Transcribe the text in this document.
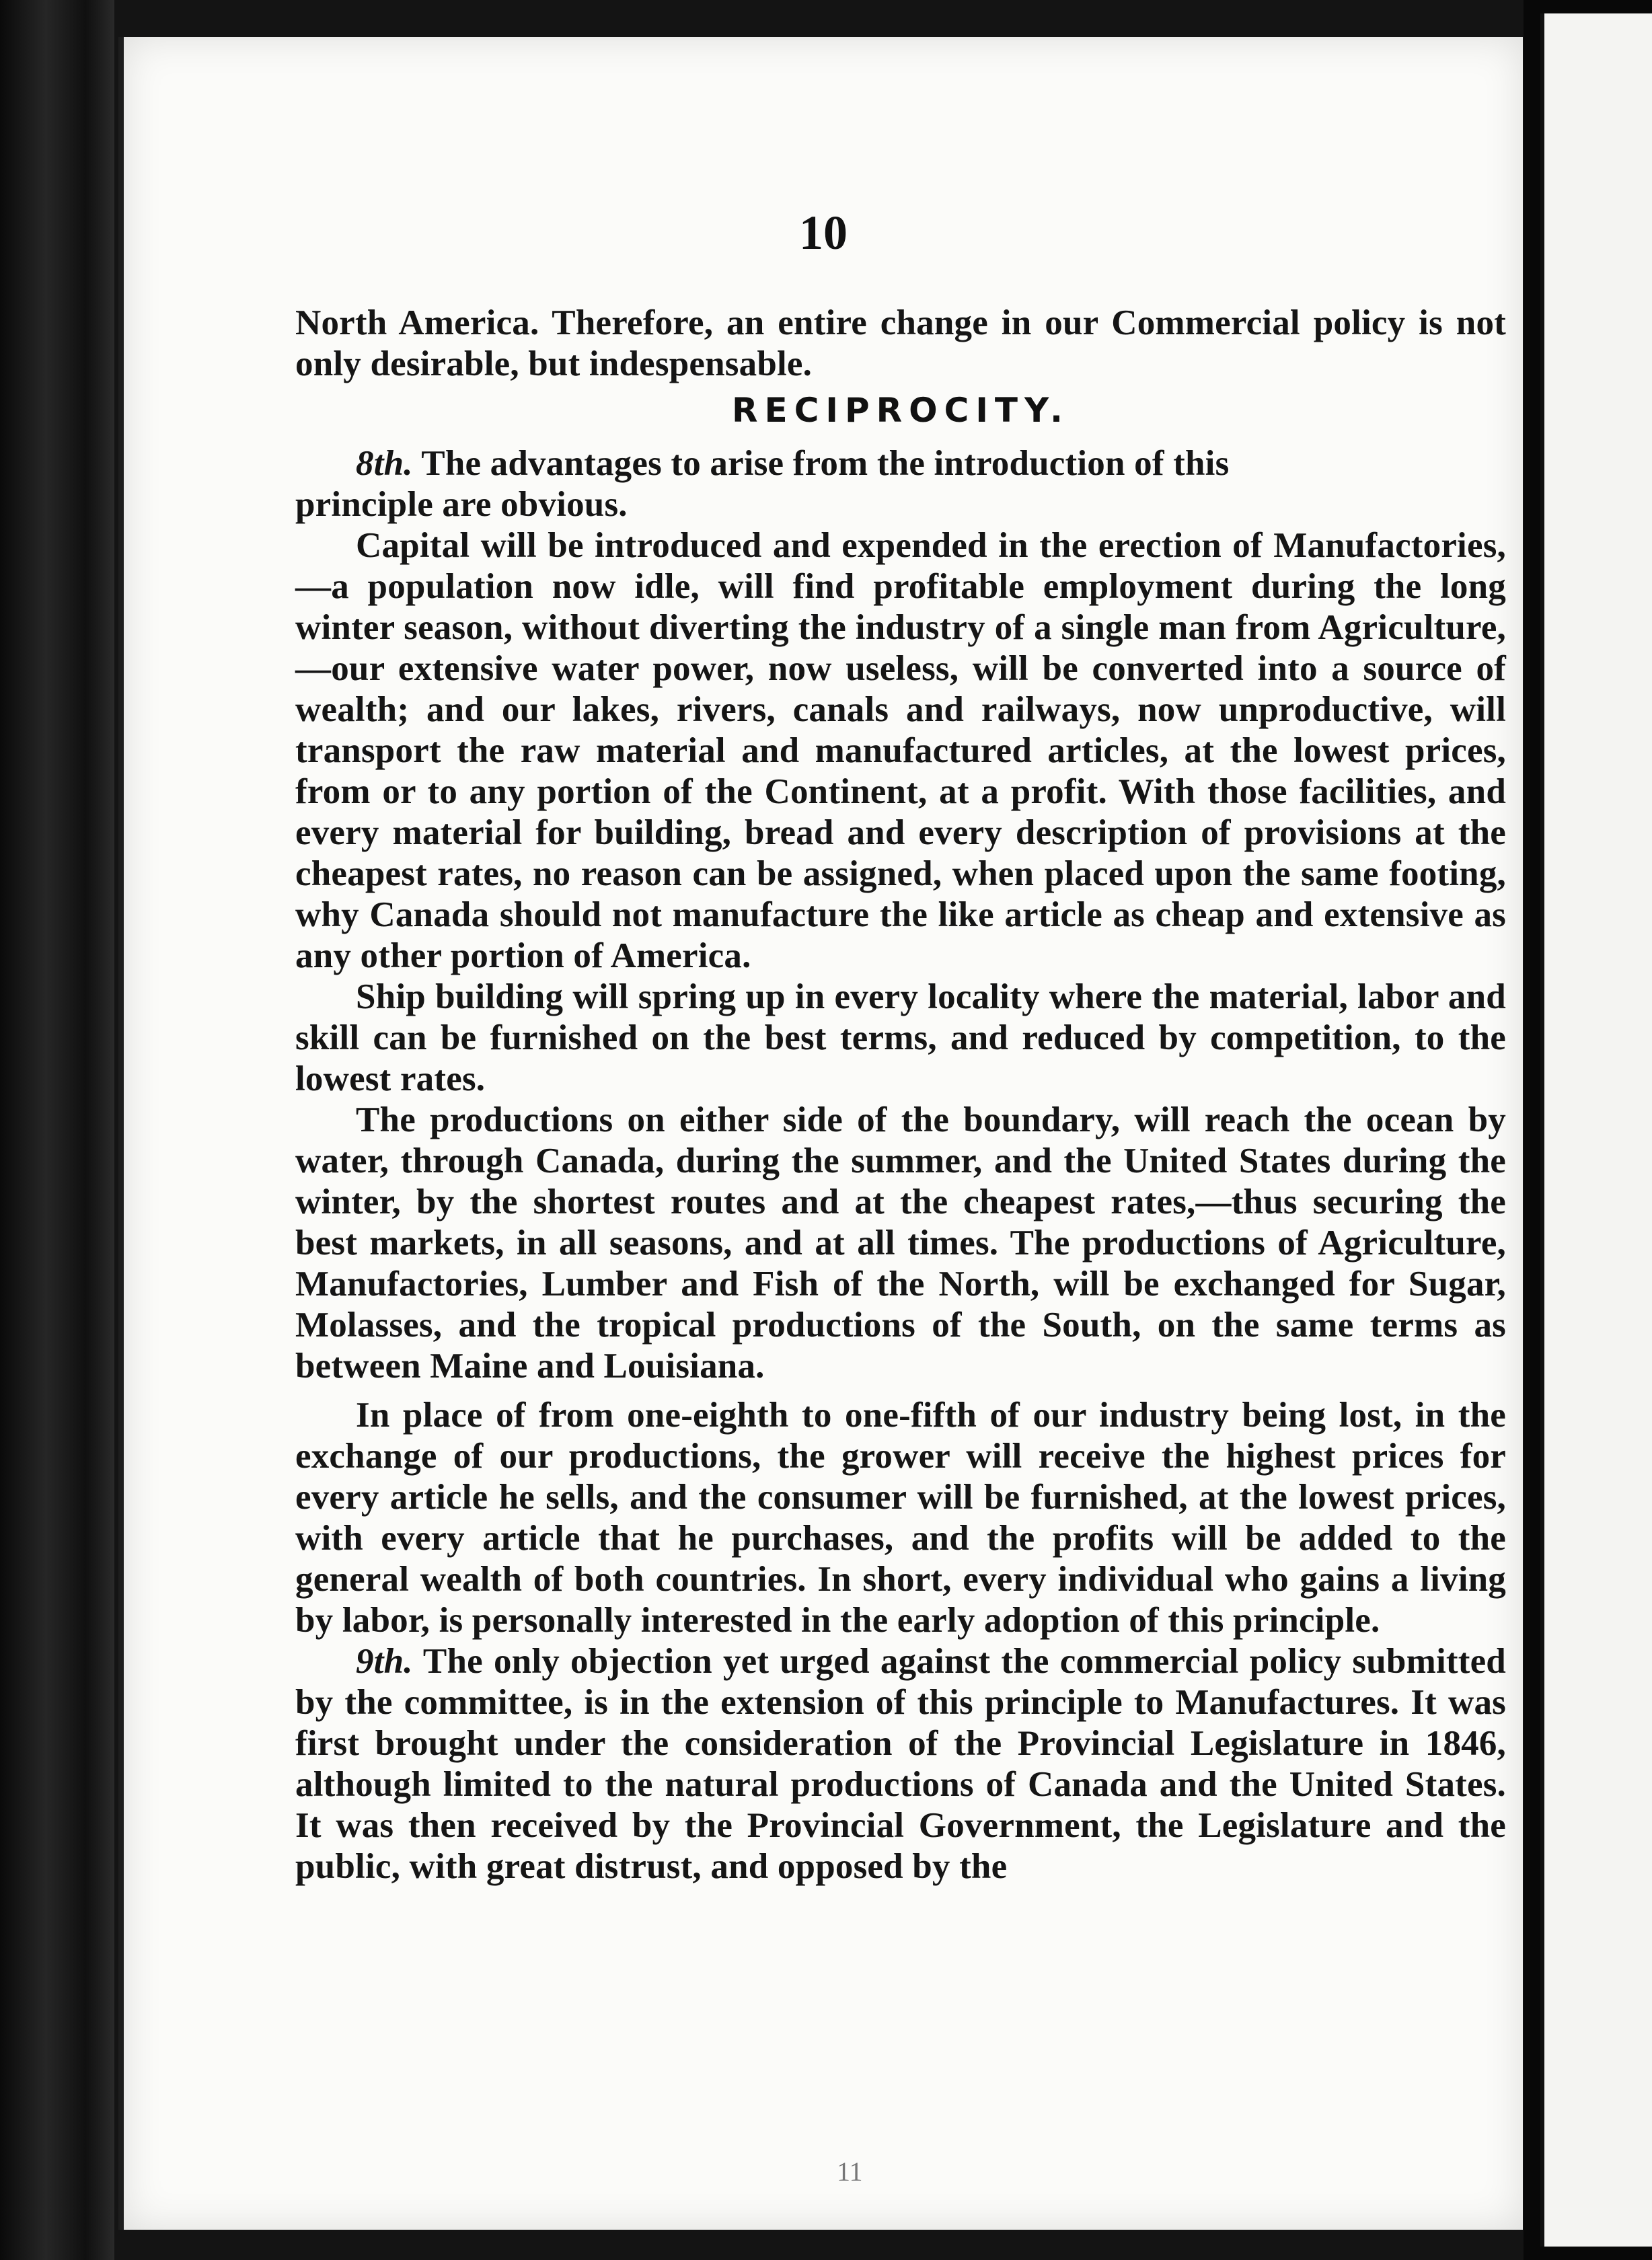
10

North America. Therefore, an entire change in our Commercial policy is not only desirable, but indespensable.

RECIPROCITY.

8th. The advantages to arise from the introduction of this

principle are obvious.

Capital will be introduced and expended in the erection of Manufactories,—a population now idle, will find profitable employment during the long winter season, without diverting the industry of a single man from Agriculture,—our extensive water power, now useless, will be converted into a source of wealth; and our lakes, rivers, canals and railways, now unproductive, will transport the raw material and manufactured articles, at the lowest prices, from or to any portion of the Continent, at a profit. With those facilities, and every material for building, bread and every description of provisions at the cheapest rates, no reason can be assigned, when placed upon the same footing, why Canada should not manufacture the like article as cheap and extensive as any other portion of America.

Ship building will spring up in every locality where the material, labor and skill can be furnished on the best terms, and reduced by competition, to the lowest rates.

The productions on either side of the boundary, will reach the ocean by water, through Canada, during the summer, and the United States during the winter, by the shortest routes and at the cheapest rates,—thus securing the best markets, in all seasons, and at all times. The productions of Agriculture, Manufactories, Lumber and Fish of the North, will be exchanged for Sugar, Molasses, and the tropical productions of the South, on the same terms as between Maine and Louisiana.

In place of from one-eighth to one-fifth of our industry being lost, in the exchange of our productions, the grower will receive the highest prices for every article he sells, and the consumer will be furnished, at the lowest prices, with every article that he purchases, and the profits will be added to the general wealth of both countries. In short, every individual who gains a living by labor, is personally interested in the early adoption of this principle.

9th. The only objection yet urged against the commercial policy submitted by the committee, is in the extension of this principle to Manufactures. It was first brought under the consideration of the Provincial Legislature in 1846, although limited to the natural productions of Canada and the United States. It was then received by the Provincial Government, the Legislature and the public, with great distrust, and opposed by the

11
